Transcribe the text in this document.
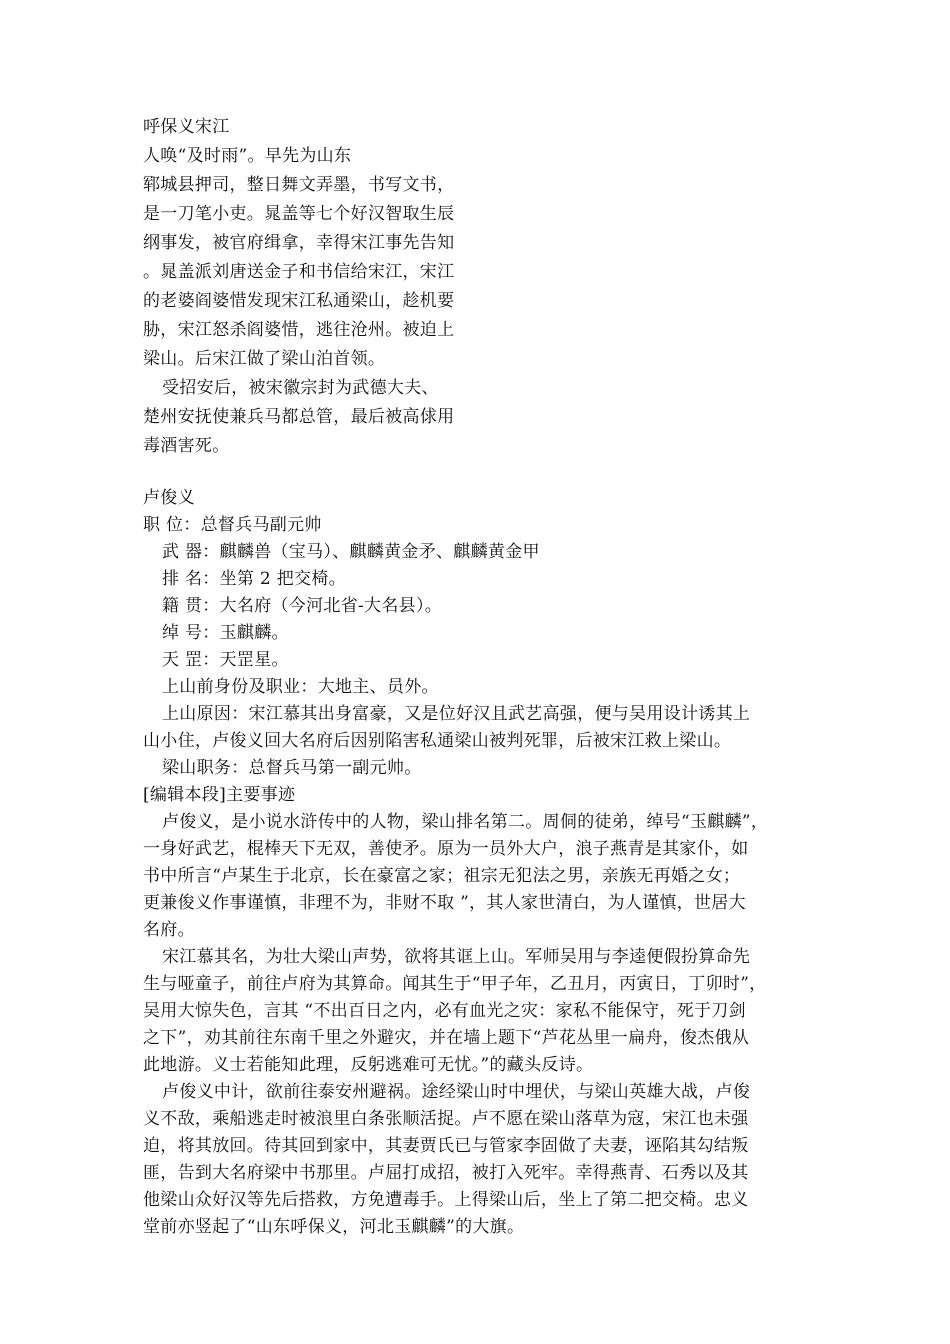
呼保义宋江
人唤“及时雨”。早先为山东
郓城县押司，整日舞文弄墨，书写文书，
是一刀笔小吏。晁盖等七个好汉智取生辰
纲事发，被官府缉拿，幸得宋江事先告知
。晁盖派刘唐送金子和书信给宋江，宋江
的老婆阎婆惜发现宋江私通梁山，趁机要
胁，宋江怒杀阎婆惜，逃往沧州。被迫上
梁山。后宋江做了梁山泊首领。
受招安后，被宋徽宗封为武德大夫、
楚州安抚使兼兵马都总管，最后被高俅用
毒酒害死。
卢俊义
职 位：总督兵马副元帅
武 器：麒麟兽（宝马）、麒麟黄金矛、麒麟黄金甲
排 名：坐第 2 把交椅。
籍 贯：大名府（今河北省-大名县）。
绰 号：玉麒麟。
天 罡：天罡星。
上山前身份及职业：大地主、员外。
上山原因：宋江慕其出身富豪，又是位好汉且武艺高强，便与吴用设计诱其上
山小住，卢俊义回大名府后因别陷害私通梁山被判死罪，后被宋江救上梁山。
梁山职务：总督兵马第一副元帅。
[编辑本段]主要事迹
卢俊义，是小说水浒传中的人物，梁山排名第二。周侗的徒弟，绰号“玉麒麟”，
一身好武艺，棍棒天下无双，善使矛。原为一员外大户，浪子燕青是其家仆，如
书中所言“卢某生于北京，长在豪富之家；祖宗无犯法之男，亲族无再婚之女；
更兼俊义作事谨慎，非理不为，非财不取 ”，其人家世清白，为人谨慎，世居大
名府。
宋江慕其名，为壮大梁山声势，欲将其诓上山。军师吴用与李逵便假扮算命先
生与哑童子，前往卢府为其算命。闻其生于“甲子年，乙丑月，丙寅日，丁卯时”，
吴用大惊失色，言其 “不出百日之内，必有血光之灾：家私不能保守，死于刀剑
之下”，劝其前往东南千里之外避灾，并在墙上题下“芦花丛里一扁舟，俊杰俄从
此地游。义士若能知此理，反躬逃难可无忧。”的藏头反诗。
卢俊义中计，欲前往泰安州避祸。途经梁山时中埋伏，与梁山英雄大战，卢俊
义不敌，乘船逃走时被浪里白条张顺活捉。卢不愿在梁山落草为寇，宋江也未强
迫，将其放回。待其回到家中，其妻贾氏已与管家李固做了夫妻，诬陷其勾结叛
匪，告到大名府梁中书那里。卢屈打成招，被打入死牢。幸得燕青、石秀以及其
他梁山众好汉等先后搭救，方免遭毒手。上得梁山后，坐上了第二把交椅。忠义
堂前亦竖起了“山东呼保义，河北玉麒麟”的大旗。
